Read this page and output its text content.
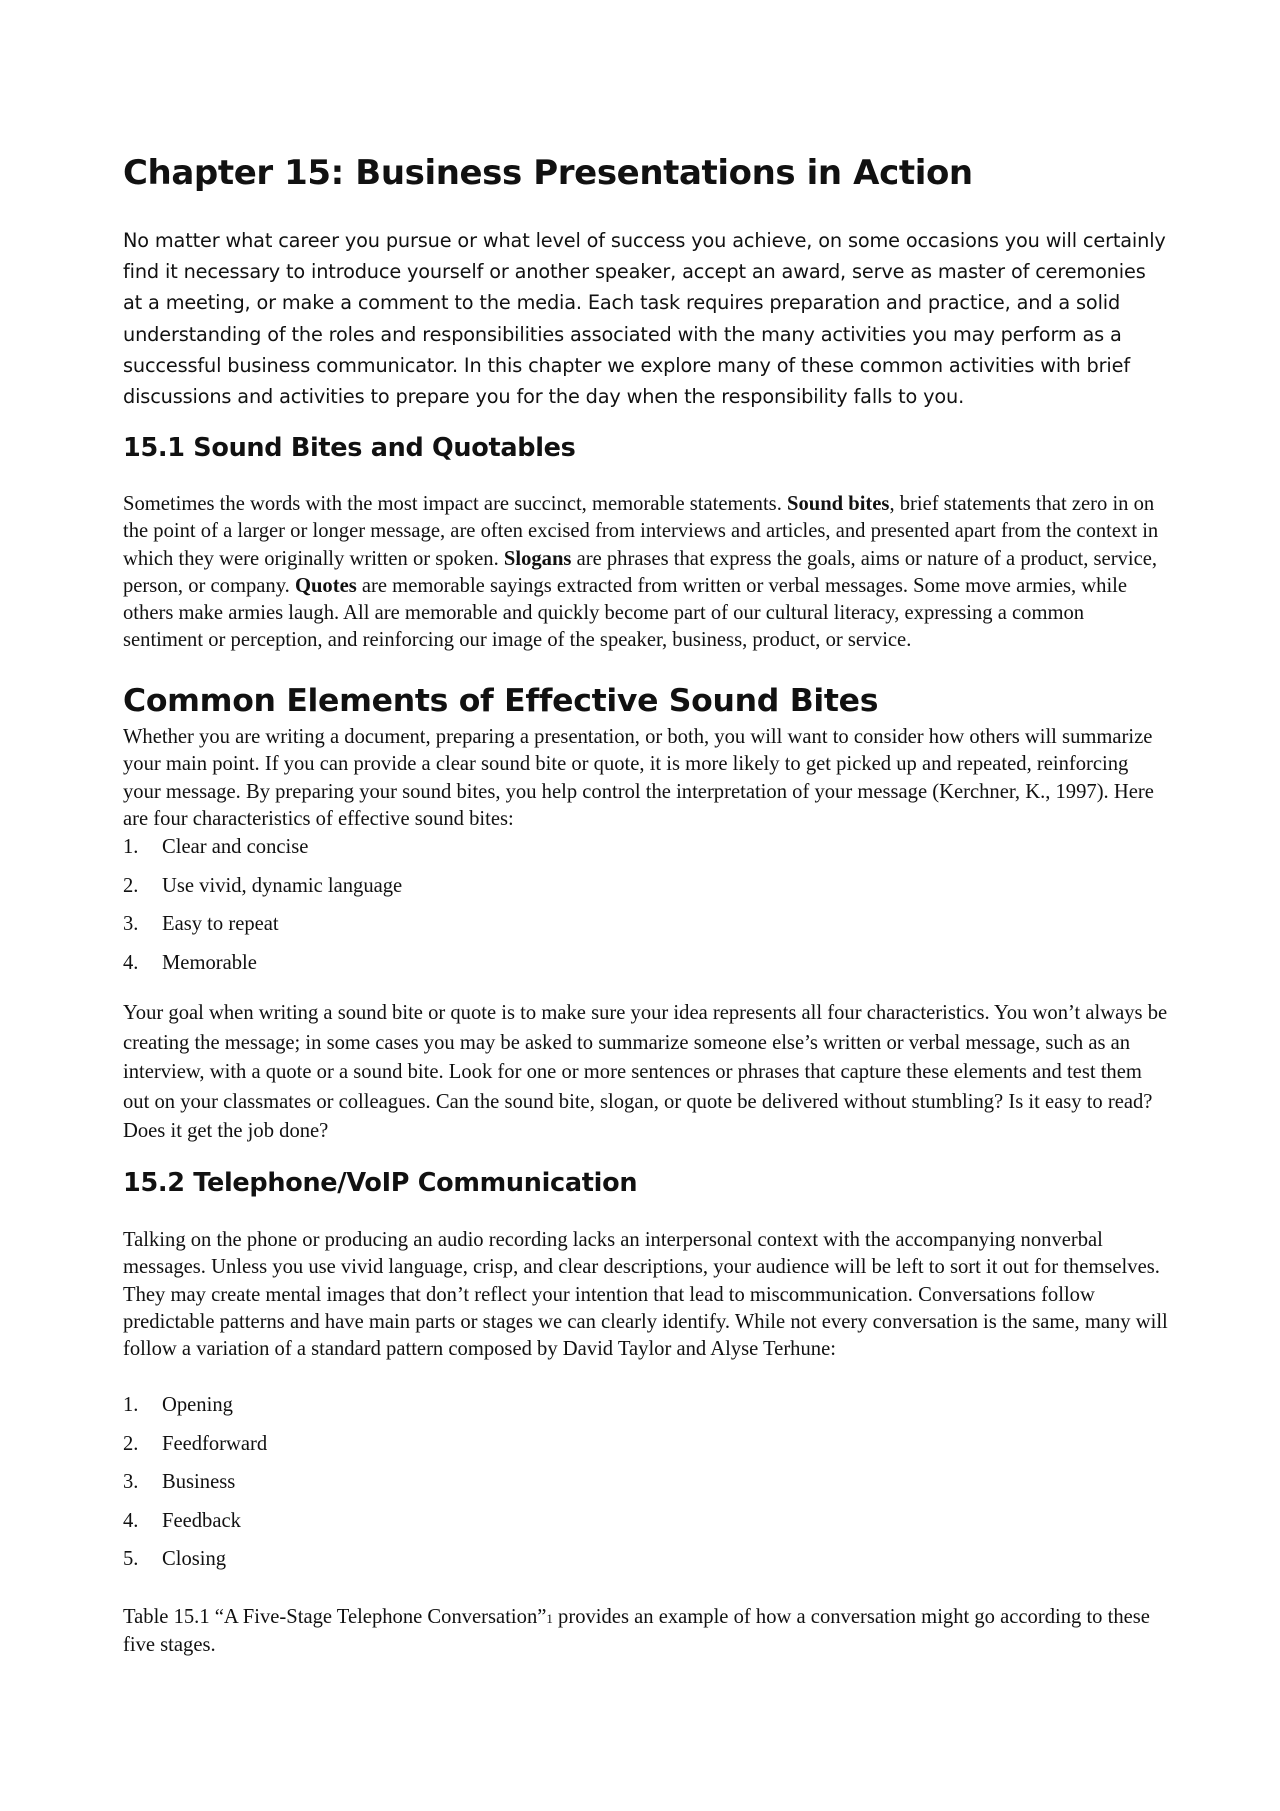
Chapter 15: Business Presentations in Action

No matter what career you pursue or what level of success you achieve, on some occasions you will certainly find it necessary to introduce yourself or another speaker, accept an award, serve as master of ceremonies at a meeting, or make a comment to the media. Each task requires preparation and practice, and a solid understanding of the roles and responsibilities associated with the many activities you may perform as a successful business communicator. In this chapter we explore many of these common activities with brief discussions and activities to prepare you for the day when the responsibility falls to you.

15.1 Sound Bites and Quotables

Sometimes the words with the most impact are succinct, memorable statements. Sound bites, brief statements that zero in on the point of a larger or longer message, are often excised from interviews and articles, and presented apart from the context in which they were originally written or spoken. Slogans are phrases that express the goals, aims or nature of a product, service, person, or company. Quotes are memorable sayings extracted from written or verbal messages. Some move armies, while others make armies laugh. All are memorable and quickly become part of our cultural literacy, expressing a common sentiment or perception, and reinforcing our image of the speaker, business, product, or service.

Common Elements of Effective Sound Bites

Whether you are writing a document, preparing a presentation, or both, you will want to consider how others will summarize your main point. If you can provide a clear sound bite or quote, it is more likely to get picked up and repeated, reinforcing your message. By preparing your sound bites, you help control the interpretation of your message (Kerchner, K., 1997). Here are four characteristics of effective sound bites:

1. Clear and concise
2. Use vivid, dynamic language
3. Easy to repeat
4. Memorable

Your goal when writing a sound bite or quote is to make sure your idea represents all four characteristics. You won’t always be creating the message; in some cases you may be asked to summarize someone else’s written or verbal message, such as an interview, with a quote or a sound bite. Look for one or more sentences or phrases that capture these elements and test them out on your classmates or colleagues. Can the sound bite, slogan, or quote be delivered without stumbling? Is it easy to read? Does it get the job done?

15.2 Telephone/VoIP Communication

Talking on the phone or producing an audio recording lacks an interpersonal context with the accompanying nonverbal messages. Unless you use vivid language, crisp, and clear descriptions, your audience will be left to sort it out for themselves. They may create mental images that don’t reflect your intention that lead to miscommunication. Conversations follow predictable patterns and have main parts or stages we can clearly identify. While not every conversation is the same, many will follow a variation of a standard pattern composed by David Taylor and Alyse Terhune:

1. Opening
2. Feedforward
3. Business
4. Feedback
5. Closing

Table 15.1 “A Five-Stage Telephone Conversation”1 provides an example of how a conversation might go according to these five stages.
